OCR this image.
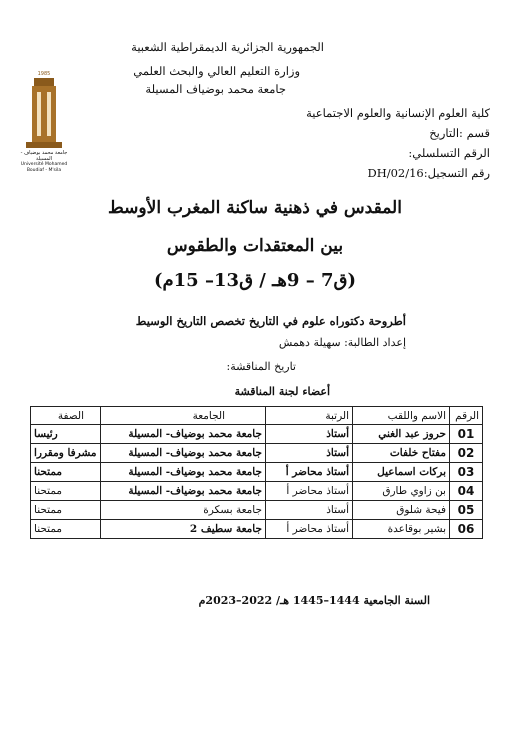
الجمهورية الجزائرية الديمقراطية الشعبية
وزارة التعليم العالي والبحث العلمي
جامعة محمد بوضياف المسيلة
كلية العلوم الإنسانية والعلوم الاجتماعية
قسم :التاريخ
الرقم التسلسلي:
رقم التسجيل:DH/02/16
1985
جامعة محمد بوضياف - المسيلة
Université Mohamed Boudiaf - M'sila
المقدس في ذهنية ساكنة المغرب الأوسط
بين المعتقدات والطقوس
(ق7 – 9هـ / ق13– 15م)
أطروحة دكتوراه علوم في التاريخ تخصص التاريخ الوسيط
إعداد الطالبة: سهيلة دهمش
تاريخ المناقشة:
أعضاء لجنة المناقشة
الرقم	الاسم واللقب	الرتبة	الجامعة	الصفة
01	حروز عبد الغني	أستاذ	جامعة محمد بوضياف- المسيلة	رئيسا
02	مفتاح خلفات	أستاذ	جامعة محمد بوضياف- المسيلة	مشرفا ومقررا
03	بركات اسماعيل	أستاذ محاضر أ	جامعة محمد بوضياف- المسيلة	ممتحنا
04	بن زاوي طارق	أستاذ محاضر أ	جامعة محمد بوضياف- المسيلة	ممتحنا
05	فيحة شلوق	أستاذ	جامعة بسكرة	ممتحنا
06	بشير بوقاعدة	أستاذ محاضر أ	جامعة سطيف 2	ممتحنا
السنة الجامعية 1444–1445 هـ/ 2022–2023م
